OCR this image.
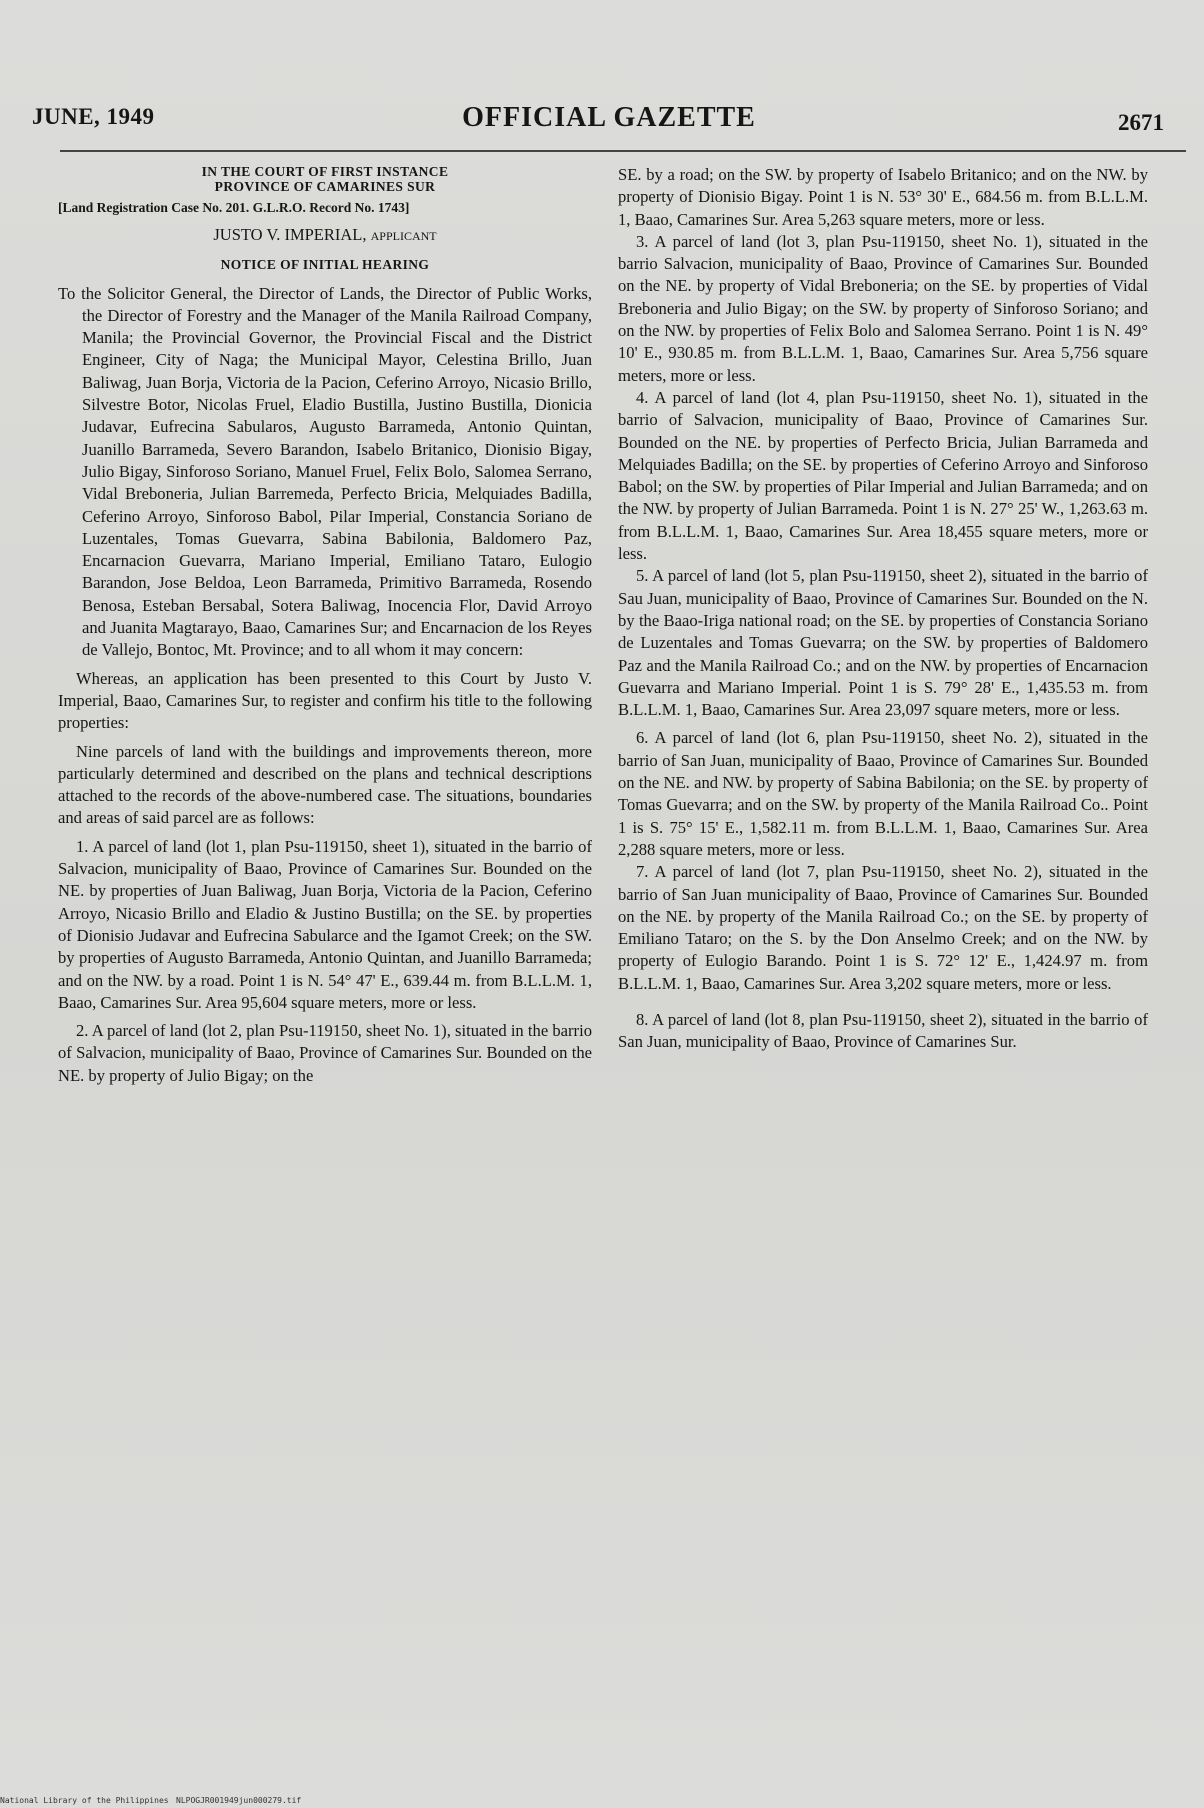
JUNE, 1949	OFFICIAL GAZETTE	2671
IN THE COURT OF FIRST INSTANCE
PROVINCE OF CAMARINES SUR
[Land Registration Case No. 201. G.L.R.O. Record No. 1743]
JUSTO V. IMPERIAL, applicant
NOTICE OF INITIAL HEARING

To the Solicitor General, the Director of Lands, the Director of Public Works, the Director of Forestry and the Manager of the Manila Railroad Company, Manila; the Provincial Governor, the Provincial Fiscal and the District Engineer, City of Naga; the Municipal Mayor, Celestina Brillo, Juan Baliwag, Juan Borja, Victoria de la Pacion, Ceferino Arroyo, Nicasio Brillo, Silvestre Botor, Nicolas Fruel, Eladio Bustilla, Justino Bustilla, Dionicia Judavar, Eufrecina Sabularos, Augusto Barrameda, Antonio Quintan, Juanillo Barrameda, Severo Barandon, Isabelo Britanico, Dionisio Bigay, Julio Bigay, Sinforoso Soriano, Manuel Fruel, Felix Bolo, Salomea Serrano, Vidal Breboneria, Julian Barremeda, Perfecto Bricia, Melquiades Badilla, Ceferino Arroyo, Sinforoso Babol, Pilar Imperial, Constancia Soriano de Luzentales, Tomas Guevarra, Sabina Babilonia, Baldomero Paz, Encarnacion Guevarra, Mariano Imperial, Emiliano Tataro, Eulogio Barandon, Jose Beldoa, Leon Barrameda, Primitivo Barrameda, Rosendo Benosa, Esteban Bersabal, Sotera Baliwag, Inocencia Flor, David Arroyo and Juanita Magtarayo, Baao, Camarines Sur; and Encarnacion de los Reyes de Vallejo, Bontoc, Mt. Province; and to all whom it may concern:

Whereas, an application has been presented to this Court by Justo V. Imperial, Baao, Camarines Sur, to register and confirm his title to the following properties:

Nine parcels of land with the buildings and improvements thereon, more particularly determined and described on the plans and technical descriptions attached to the records of the above-numbered case. The situations, boundaries and areas of said parcel are as follows:

1. A parcel of land (lot 1, plan Psu-119150, sheet 1), situated in the barrio of Salvacion, municipality of Baao, Province of Camarines Sur. Bounded on the NE. by properties of Juan Baliwag, Juan Borja, Victoria de la Pacion, Ceferino Arroyo, Nicasio Brillo and Eladio & Justino Bustilla; on the SE. by properties of Dionisio Judavar and Eufrecina Sabularce and the Igamot Creek; on the SW. by properties of Augusto Barrameda, Antonio Quintan, and Juanillo Barrameda; and on the NW. by a road. Point 1 is N. 54° 47' E., 639.44 m. from B.L.L.M. 1, Baao, Camarines Sur. Area 95,604 square meters, more or less.

2. A parcel of land (lot 2, plan Psu-119150, sheet No. 1), situated in the barrio of Salvacion, municipality of Baao, Province of Camarines Sur. Bounded on the NE. by property of Julio Bigay; on the

SE. by a road; on the SW. by property of Isabelo Britanico; and on the NW. by property of Dionisio Bigay. Point 1 is N. 53° 30' E., 684.56 m. from B.L.L.M. 1, Baao, Camarines Sur. Area 5,263 square meters, more or less.

3. A parcel of land (lot 3, plan Psu-119150, sheet No. 1), situated in the barrio Salvacion, municipality of Baao, Province of Camarines Sur. Bounded on the NE. by property of Vidal Breboneria; on the SE. by properties of Vidal Breboneria and Julio Bigay; on the SW. by property of Sinforoso Soriano; and on the NW. by properties of Felix Bolo and Salomea Serrano. Point 1 is N. 49° 10' E., 930.85 m. from B.L.L.M. 1, Baao, Camarines Sur. Area 5,756 square meters, more or less.

4. A parcel of land (lot 4, plan Psu-119150, sheet No. 1), situated in the barrio of Salvacion, municipality of Baao, Province of Camarines Sur. Bounded on the NE. by properties of Perfecto Bricia, Julian Barrameda and Melquiades Badilla; on the SE. by properties of Ceferino Arroyo and Sinforoso Babol; on the SW. by properties of Pilar Imperial and Julian Barrameda; and on the NW. by property of Julian Barrameda. Point 1 is N. 27° 25' W., 1,263.63 m. from B.L.L.M. 1, Baao, Camarines Sur. Area 18,455 square meters, more or less.

5. A parcel of land (lot 5, plan Psu-119150, sheet 2), situated in the barrio of Sau Juan, municipality of Baao, Province of Camarines Sur. Bounded on the N. by the Baao-Iriga national road; on the SE. by properties of Constancia Soriano de Luzentales and Tomas Guevarra; on the SW. by properties of Baldomero Paz and the Manila Railroad Co.; and on the NW. by properties of Encarnacion Guevarra and Mariano Imperial. Point 1 is S. 79° 28' E., 1,435.53 m. from B.L.L.M. 1, Baao, Camarines Sur. Area 23,097 square meters, more or less.

6. A parcel of land (lot 6, plan Psu-119150, sheet No. 2), situated in the barrio of San Juan, municipality of Baao, Province of Camarines Sur. Bounded on the NE. and NW. by property of Sabina Babilonia; on the SE. by property of Tomas Guevarra; and on the SW. by property of the Manila Railroad Co.. Point 1 is S. 75° 15' E., 1,582.11 m. from B.L.L.M. 1, Baao, Camarines Sur. Area 2,288 square meters, more or less.

7. A parcel of land (lot 7, plan Psu-119150, sheet No. 2), situated in the barrio of San Juan municipality of Baao, Province of Camarines Sur. Bounded on the NE. by property of the Manila Railroad Co.; on the SE. by property of Emiliano Tataro; on the S. by the Don Anselmo Creek; and on the NW. by property of Eulogio Barando. Point 1 is S. 72° 12' E., 1,424.97 m. from B.L.L.M. 1, Baao, Camarines Sur. Area 3,202 square meters, more or less.

8. A parcel of land (lot 8, plan Psu-119150, sheet 2), situated in the barrio of San Juan, municipality of Baao, Province of Camarines Sur.

National Library of the Philippines NLPOGJR001949jun000279.tif
